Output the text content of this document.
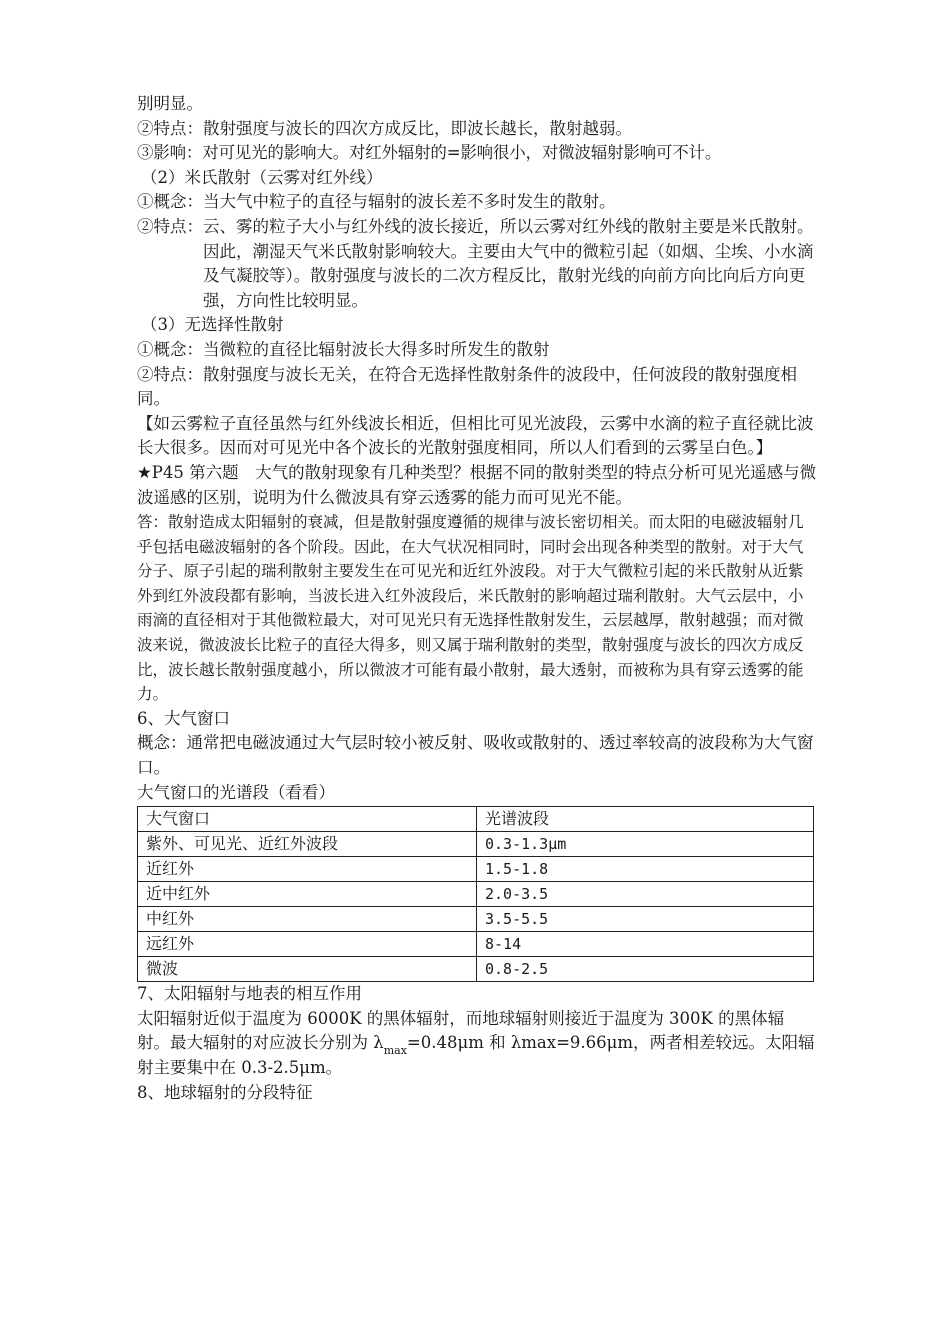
别明显。

②特点：散射强度与波长的四次方成反比，即波长越长，散射越弱。

③影响：对可见光的影响大。对红外辐射的=影响很小，对微波辐射影响可不计。

（2）米氏散射（云雾对红外线）

①概念：当大气中粒子的直径与辐射的波长差不多时发生的散射。

②特点： 云、雾的粒子大小与红外线的波长接近，所以云雾对红外线的散射主要是米氏散射。因此，潮湿天气米氏散射影响较大。主要由大气中的微粒引起（如烟、尘埃、小水滴及气凝胶等）。散射强度与波长的二次方程反比，散射光线的向前方向比向后方向更强，方向性比较明显。

（3）无选择性散射

①概念：当微粒的直径比辐射波长大得多时所发生的散射

②特点：散射强度与波长无关，在符合无选择性散射条件的波段中，任何波段的散射强度相同。

【如云雾粒子直径虽然与红外线波长相近，但相比可见光波段，云雾中水滴的粒子直径就比波长大很多。因而对可见光中各个波长的光散射强度相同，所以人们看到的云雾呈白色。】

★P45 第六题　大气的散射现象有几种类型？根据不同的散射类型的特点分析可见光遥感与微波遥感的区别，说明为什么微波具有穿云透雾的能力而可见光不能。

答：散射造成太阳辐射的衰减，但是散射强度遵循的规律与波长密切相关。而太阳的电磁波辐射几乎包括电磁波辐射的各个阶段。因此，在大气状况相同时，同时会出现各种类型的散射。对于大气分子、原子引起的瑞利散射主要发生在可见光和近红外波段。对于大气微粒引起的米氏散射从近紫外到红外波段都有影响，当波长进入红外波段后，米氏散射的影响超过瑞利散射。大气云层中，小雨滴的直径相对于其他微粒最大，对可见光只有无选择性散射发生，云层越厚，散射越强；而对微波来说，微波波长比粒子的直径大得多，则又属于瑞利散射的类型，散射强度与波长的四次方成反比，波长越长散射强度越小，所以微波才可能有最小散射，最大透射，而被称为具有穿云透雾的能力。

6、大气窗口

概念：通常把电磁波通过大气层时较小被反射、吸收或散射的、透过率较高的波段称为大气窗口。

大气窗口的光谱段（看看）

大气窗口	光谱波段
紫外、可见光、近红外波段	0.3-1.3μm
近红外	1.5-1.8
近中红外	2.0-3.5
中红外	3.5-5.5
远红外	8-14
微波	0.8-2.5

7、太阳辐射与地表的相互作用

太阳辐射近似于温度为 6000K 的黑体辐射，而地球辐射则接近于温度为 300K 的黑体辐射。最大辐射的对应波长分别为 $\lambda_{max}=0.48\mu m$ 和 λmax=9.66μm，两者相差较远。太阳辐射主要集中在 0.3-2.5μm。

8、地球辐射的分段特征
